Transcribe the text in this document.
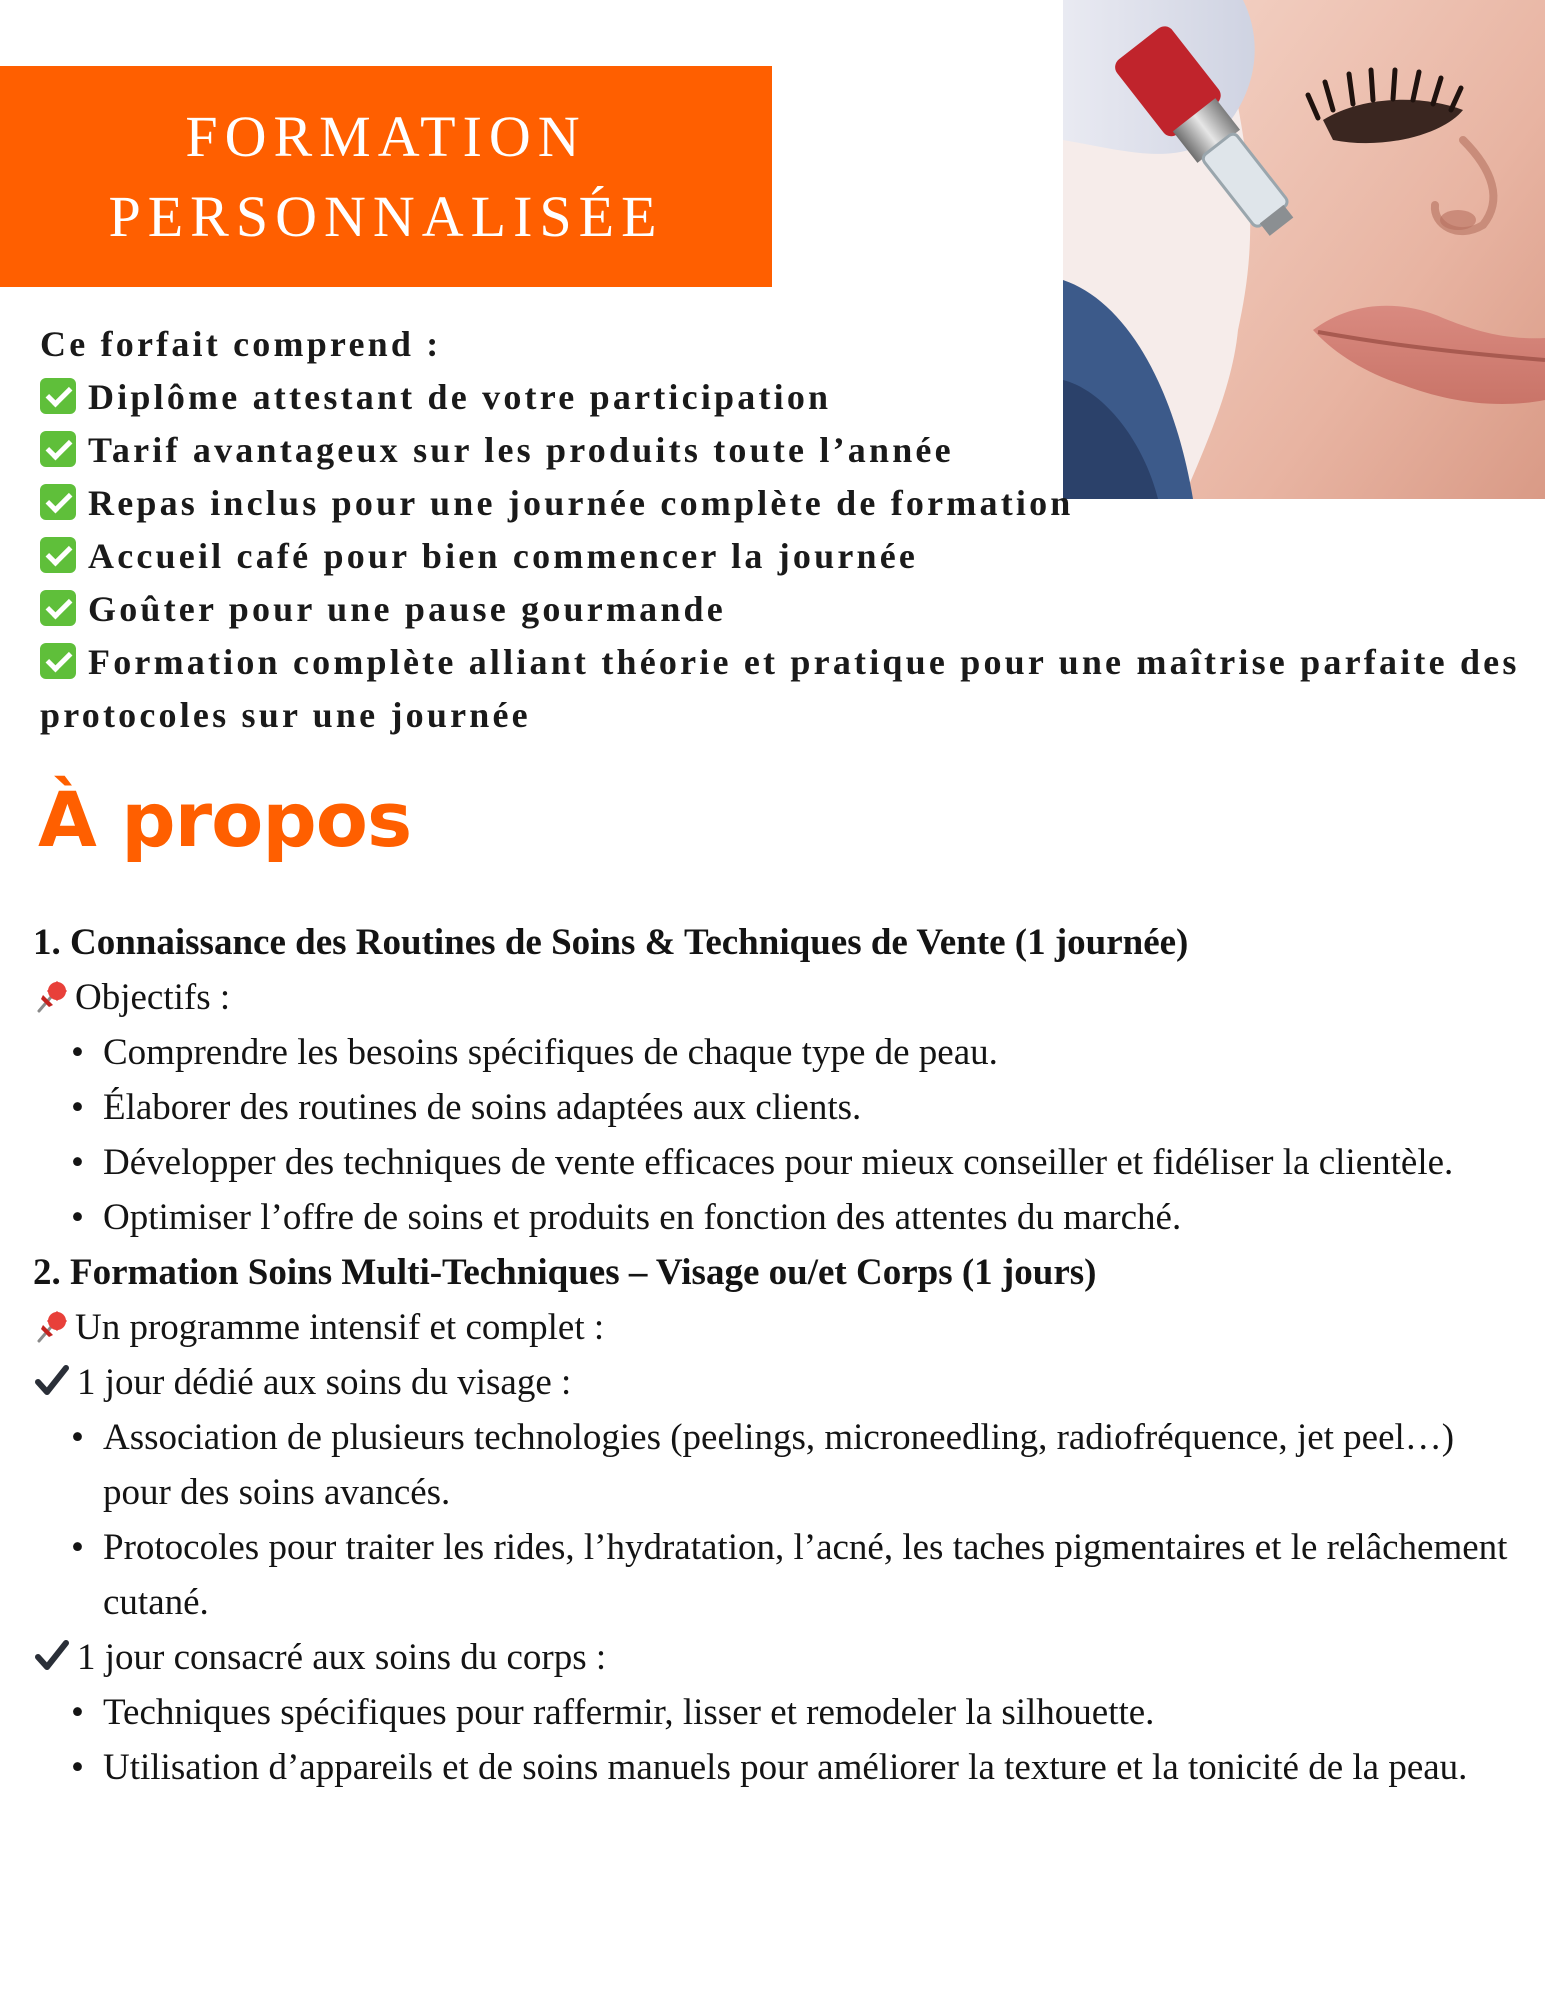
FORMATION
PERSONNALISÉE
Ce forfait comprend :
Diplôme attestant de votre participation
Tarif avantageux sur les produits toute l’année
Repas inclus pour une journée complète de formation
Accueil café pour bien commencer la journée
Goûter pour une pause gourmande
Formation complète alliant théorie et pratique pour une maîtrise parfaite des protocoles sur une journée
À propos
1. Connaissance des Routines de Soins & Techniques de Vente (1 journée)
Objectifs :
• Comprendre les besoins spécifiques de chaque type de peau.
• Élaborer des routines de soins adaptées aux clients.
• Développer des techniques de vente efficaces pour mieux conseiller et fidéliser la clientèle.
• Optimiser l’offre de soins et produits en fonction des attentes du marché.
2. Formation Soins Multi-Techniques – Visage ou/et Corps (1 jours)
Un programme intensif et complet :
1 jour dédié aux soins du visage :
• Association de plusieurs technologies (peelings, microneedling, radiofréquence, jet peel…) pour des soins avancés.
• Protocoles pour traiter les rides, l’hydratation, l’acné, les taches pigmentaires et le relâchement cutané.
1 jour consacré aux soins du corps :
• Techniques spécifiques pour raffermir, lisser et remodeler la silhouette.
• Utilisation d’appareils et de soins manuels pour améliorer la texture et la tonicité de la peau.
